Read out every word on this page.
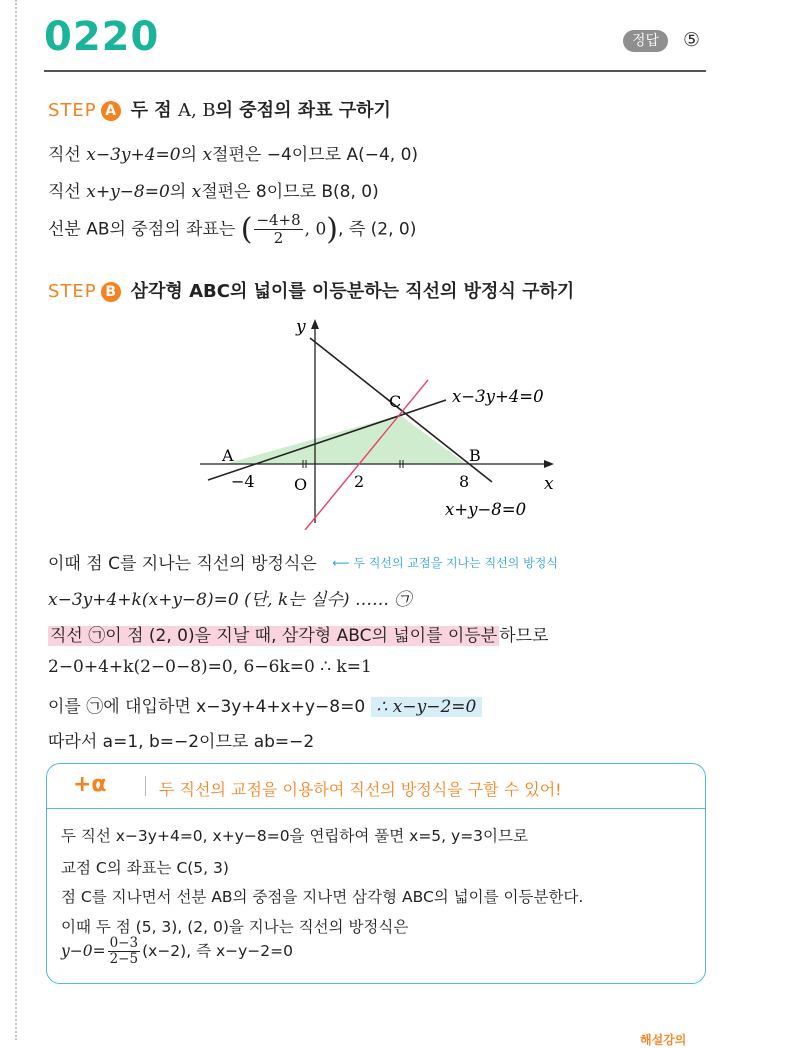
0220	정답	⑤
STEP A 두 점 A, B의 중점의 좌표 구하기
직선 x−3y+4=0의 x절편은 −4이므로 A(−4, 0)
직선 x+y−8=0의 x절편은 8이므로 B(8, 0)
선분 AB의 중점의 좌표는 ( $\frac{-4+8}{2}$ , 0), 즉 (2, 0)
STEP B 삼각형 ABC의 넓이를 이등분하는 직선의 방정식 구하기
y
x
O
A	B
C
−4	2	8
x−3y+4=0
x+y−8=0
이때 점 C를 지나는 직선의 방정식은 ⟵ 두 직선의 교점을 지나는 직선의 방정식
x−3y+4+k(x+y−8)=0 (단, k는 실수) …… ㉠
직선 ㉠이 점 (2, 0)을 지날 때, 삼각형 ABC의 넓이를 이등분 하므로
2−0+4+k(2−0−8)=0, 6−6k=0 ∴ k=1
이를 ㉠에 대입하면 x−3y+4+x+y−8=0 ∴ x−y−2=0
따라서 a=1, b=−2이므로 ab=−2
+α	두 직선의 교점을 이용하여 직선의 방정식을 구할 수 있어!
두 직선 x−3y+4=0, x+y−8=0을 연립하여 풀면 x=5, y=3이므로
교점 C의 좌표는 C(5, 3)
점 C를 지나면서 선분 AB의 중점을 지나면 삼각형 ABC의 넓이를 이등분한다.
이때 두 점 (5, 3), (2, 0)을 지나는 직선의 방정식은
$y-0= \frac{0-3}{2-5} (x-2)$, 즉 x−y−2=0
해설강의
